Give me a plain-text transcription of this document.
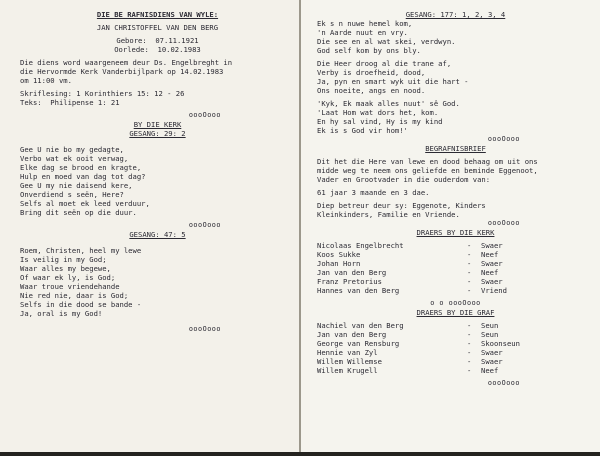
DIE BE RAFNISDIENS VAN WYLE:
JAN CHRISTOFFEL VAN DEN BERG
Gebore:  07.11.1921
Oorlede:  10.02.1983
Die diens word waargeneem deur Ds. Engelbreght in
die Hervormde Kerk Vanderbijlpark op 14.02.1983
om 11:00 vm.
Skriflesing: 1 Korinthiers 15: 12 - 26
Teks:  Philipense 1: 21
oooOooo
BY DIE KERK
GESANG: 29: 2
Gee U nie bo my gedagte,
Verbo wat ek ooit verwag,
Elke dag se brood en kragte,
Hulp en moed van dag tot dag?
Gee U my nie daisend kere,
Onverdiend s seën, Here?
Selfs al moet ek leed verduur,
Bring dit seën op die duur.
oooOooo
GESANG: 47: 5
Roem, Christen, heel my lewe
Is veilig in my God;
Waar alles my begewe,
Of waar ek ly, is God;
Waar troue vriendehande
Nie red nie, daar is God;
Selfs in die dood se bande -
Ja, oral is my God!
oooOooo
GESANG: 177: 1, 2, 3, 4
Ek s n nuwe hemel kom,
'n Aarde nuut en vry.
Die see en al wat skei, verdwyn.
God self kom by ons bly.
Die Heer droog al die trane af,
Verby is droefheid, dood,
Ja, pyn en smart wyk uit die hart -
Ons noeite, angs en nood.
'Kyk, Ek maak alles nuut' sê God.
'Laat Hom wat dors het, kom.
En hy sal vind, Hy is my kind
Ek is s God vir hom!'
oooOooo
BEGRAFNISBRIEF
Dit het die Here van lewe en dood behaag om uit ons
midde weg te neem ons geliefde en beminde Eggenoot,
Vader en Grootvader in die ouderdom van:
61 jaar 3 maande en 3 dae.
Diep betreur deur sy: Eggenote, Kinders
Kleinkinders, Familie en Vriende.
oooOooo
DRAERS BY DIE KERK
Nicolaas Engelbrecht	-	Swaer
Koos Sukke	-	Neef
Johan Horn	-	Swaer
Jan van den Berg	-	Neef
Franz Pretorius	-	Swaer
Hannes van den Berg	-	Vriend
o o oooOooo
DRAERS BY DIE GRAF
Nachiel van den Berg	-	Seun
Jan van den Berg	-	Seun
George van Rensburg	-	Skoonseun
Hennie van Zyl	-	Swaer
Willem Willemse	-	Swaer
Willem Krugell	-	Neef
oooOooo
